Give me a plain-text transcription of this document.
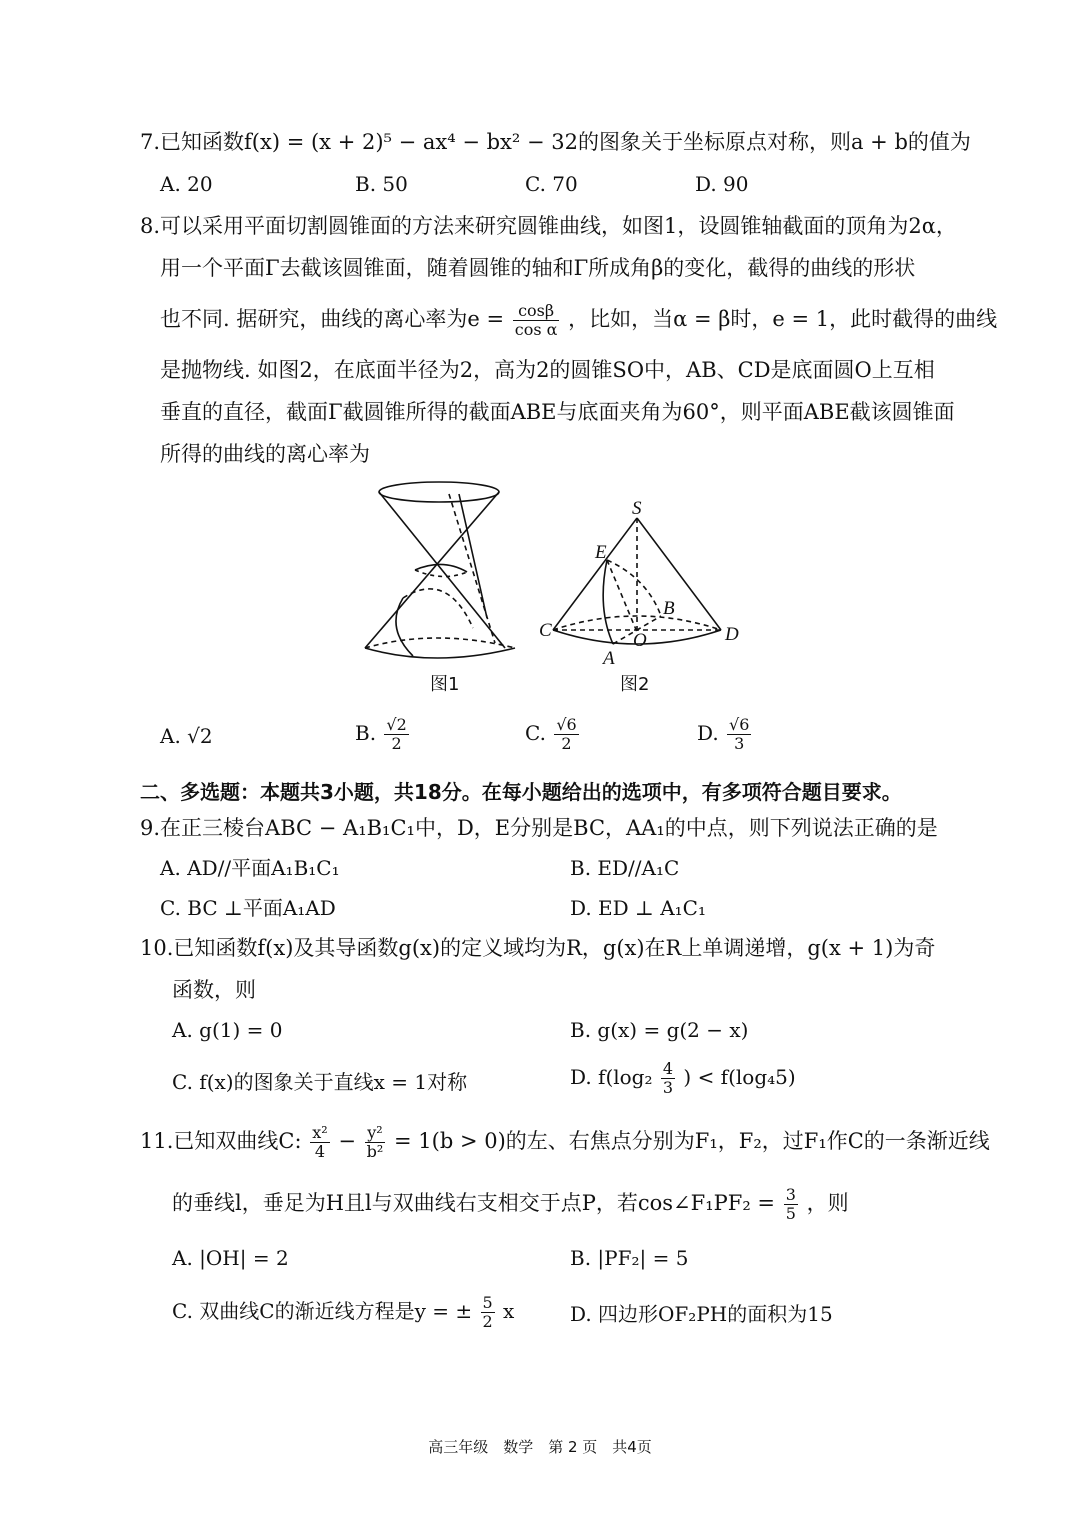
7.已知函数f(x) = (x + 2)⁵ − ax⁴ − bx² − 32的图象关于坐标原点对称，则a + b的值为
A. 20	B. 50	C. 70	D. 90
8.可以采用平面切割圆锥面的方法来研究圆锥曲线，如图1，设圆锥轴截面的顶角为2α，
用一个平面Γ去截该圆锥面，随着圆锥的轴和Γ所成角β的变化，截得的曲线的形状
也不同. 据研究，曲线的离心率为$e = \frac{\cos\beta}{\text{cos α}}$ ，比如，当α = β时，e = 1，此时截得的曲线
是抛物线. 如图2，在底面半径为2，高为2的圆锥SO中，AB、CD是底面圆O上互相
垂直的直径，截面Γ截圆锥所得的截面ABE与底面夹角为60°，则平面ABE截该圆锥面
所得的曲线的离心率为
图1
S
E
B
C	O	D
A
图2
A. √2	B. $\frac{√2}{2}$	C. $\frac{√6}{2}$	D. $\frac{√6}{3}$
二、多选题：本题共3小题，共18分。在每小题给出的选项中，有多项符合题目要求。
9.在正三棱台ABC − A₁B₁C₁中，D，E分别是BC，AA₁的中点，则下列说法正确的是
A. AD//平面A₁B₁C₁	B. ED//A₁C
C. BC ⊥平面A₁AD	D. ED ⊥ A₁C₁
10.已知函数f(x)及其导函数g(x)的定义域均为R，g(x)在R上单调递增，g(x + 1)为奇
函数，则
A. g(1) = 0	B. g(x) = g(2 − x)
C. f(x)的图象关于直线x = 1对称	D. $f(\log_2 \frac{4}{3}$ ) < f(log₄5)
11.已知双曲线C: $\frac{\text{x²}}{4} - \frac{\text{y²}}{\text{b²}} = 1(b > 0)$的左、右焦点分别为F₁，F₂，过F₁作C的一条渐近线
的垂线l，垂足为H且l与双曲线右支相交于点P，若cos∠F₁PF₂ = $\frac{3}{5}$ ，则
A. |OH| = 2	B. |PF₂| = 5
C. 双曲线C的渐近线方程是y = ± $\frac{5}{2}$ x	D. 四边形OF₂PH的面积为15
高三年级　数学　第 2 页　共4页
